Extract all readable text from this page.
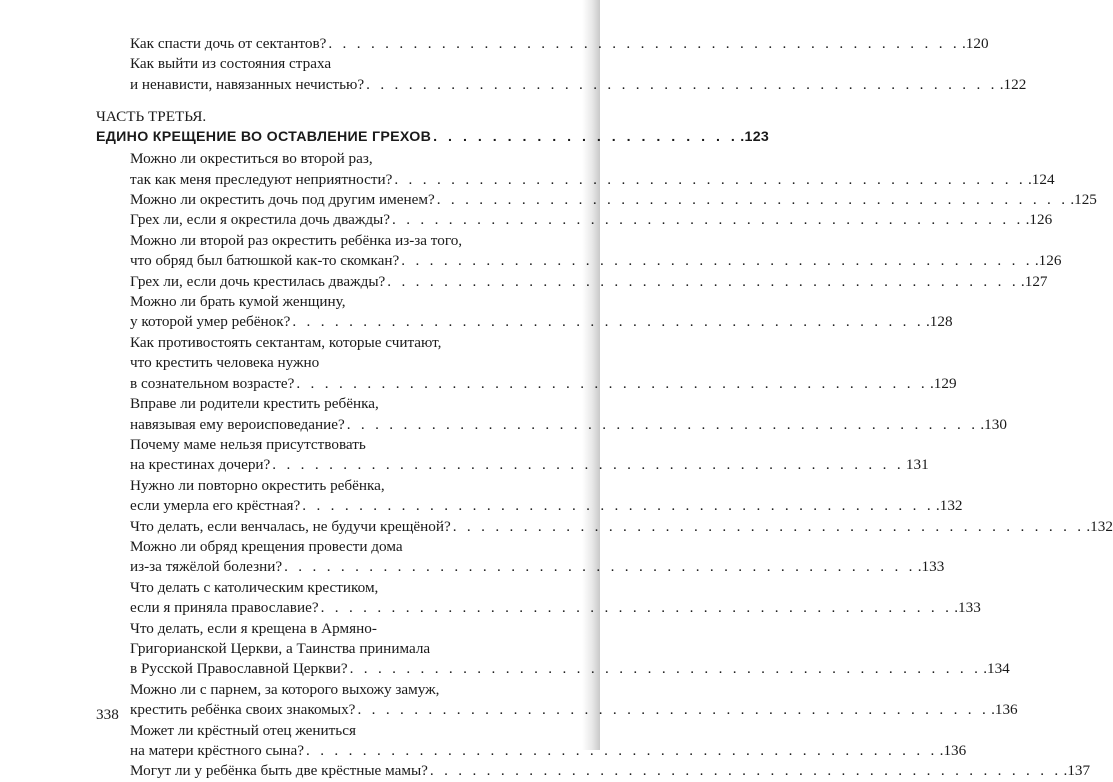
Как спасти дочь от сектантов? . . . . . . . . . . . . . . . . . . . . . . . . . . . . . . . . . . . . . . . . . . . . . .120
Как выйти из состояния страха
и ненависти, навязанных нечистью? . . . . . . . . . . . . . . . . . . . . . . . . . . . . . . . . . . . . . . . . . . . . . .122
ЧАСТЬ ТРЕТЬЯ.
ЕДИНО КРЕЩЕНИЕ ВО ОСТАВЛЕНИЕ ГРЕХОВ . . . . . . . . . . . . . . . . . . . . . .123
Можно ли окреститься во второй раз,
так как меня преследуют неприятности? . . . . . . . . . . . . . . . . . . . . . . . . . . . . . . . . . . . . . . . . . . . . . .124
Можно ли окрестить дочь под другим именем? . . . . . . . . . . . . . . . . . . . . . . . . . . . . . . . . . . . . . . . . . . . . . .125
Грех ли, если я окрестила дочь дважды? . . . . . . . . . . . . . . . . . . . . . . . . . . . . . . . . . . . . . . . . . . . . . .126
Можно ли второй раз окрестить ребёнка из-за того,
что обряд был батюшкой как-то скомкан? . . . . . . . . . . . . . . . . . . . . . . . . . . . . . . . . . . . . . . . . . . . . . .126
Грех ли, если дочь крестилась дважды? . . . . . . . . . . . . . . . . . . . . . . . . . . . . . . . . . . . . . . . . . . . . . .127
Можно ли брать кумой женщину,
у которой умер ребёнок? . . . . . . . . . . . . . . . . . . . . . . . . . . . . . . . . . . . . . . . . . . . . . .128
Как противостоять сектантам, которые считают,
что крестить человека нужно
в сознательном возрасте? . . . . . . . . . . . . . . . . . . . . . . . . . . . . . . . . . . . . . . . . . . . . . .129
Вправе ли родители крестить ребёнка,
навязывая ему вероисповедание? . . . . . . . . . . . . . . . . . . . . . . . . . . . . . . . . . . . . . . . . . . . . . .130
Почему маме нельзя присутствовать
на крестинах дочери? . . . . . . . . . . . . . . . . . . . . . . . . . . . . . . . . . . . . . . . . . . . . . 131
Нужно ли повторно окрестить ребёнка,
если умерла его крёстная? . . . . . . . . . . . . . . . . . . . . . . . . . . . . . . . . . . . . . . . . . . . . . .132
Что делать, если венчалась, не будучи крещёной? . . . . . . . . . . . . . . . . . . . . . . . . . . . . . . . . . . . . . . . . . . . . . .132
Можно ли обряд крещения провести дома
из-за тяжёлой болезни? . . . . . . . . . . . . . . . . . . . . . . . . . . . . . . . . . . . . . . . . . . . . . .133
Что делать с католическим крестиком,
если я приняла православие? . . . . . . . . . . . . . . . . . . . . . . . . . . . . . . . . . . . . . . . . . . . . . .133
Что делать, если я крещена в Армяно-
Григорианской Церкви, а Таинства принимала
в Русской Православной Церкви? . . . . . . . . . . . . . . . . . . . . . . . . . . . . . . . . . . . . . . . . . . . . . .134
Можно ли с парнем, за которого выхожу замуж,
крестить ребёнка своих знакомых? . . . . . . . . . . . . . . . . . . . . . . . . . . . . . . . . . . . . . . . . . . . . . .136
Может ли крёстный отец жениться
на матери крёстного сына? . . . . . . . . . . . . . . . . . . . . . . . . . . . . . . . . . . . . . . . . . . . . . .136
Могут ли у ребёнка быть две крёстные мамы? . . . . . . . . . . . . . . . . . . . . . . . . . . . . . . . . . . . . . . . . . . . . . .137
338
